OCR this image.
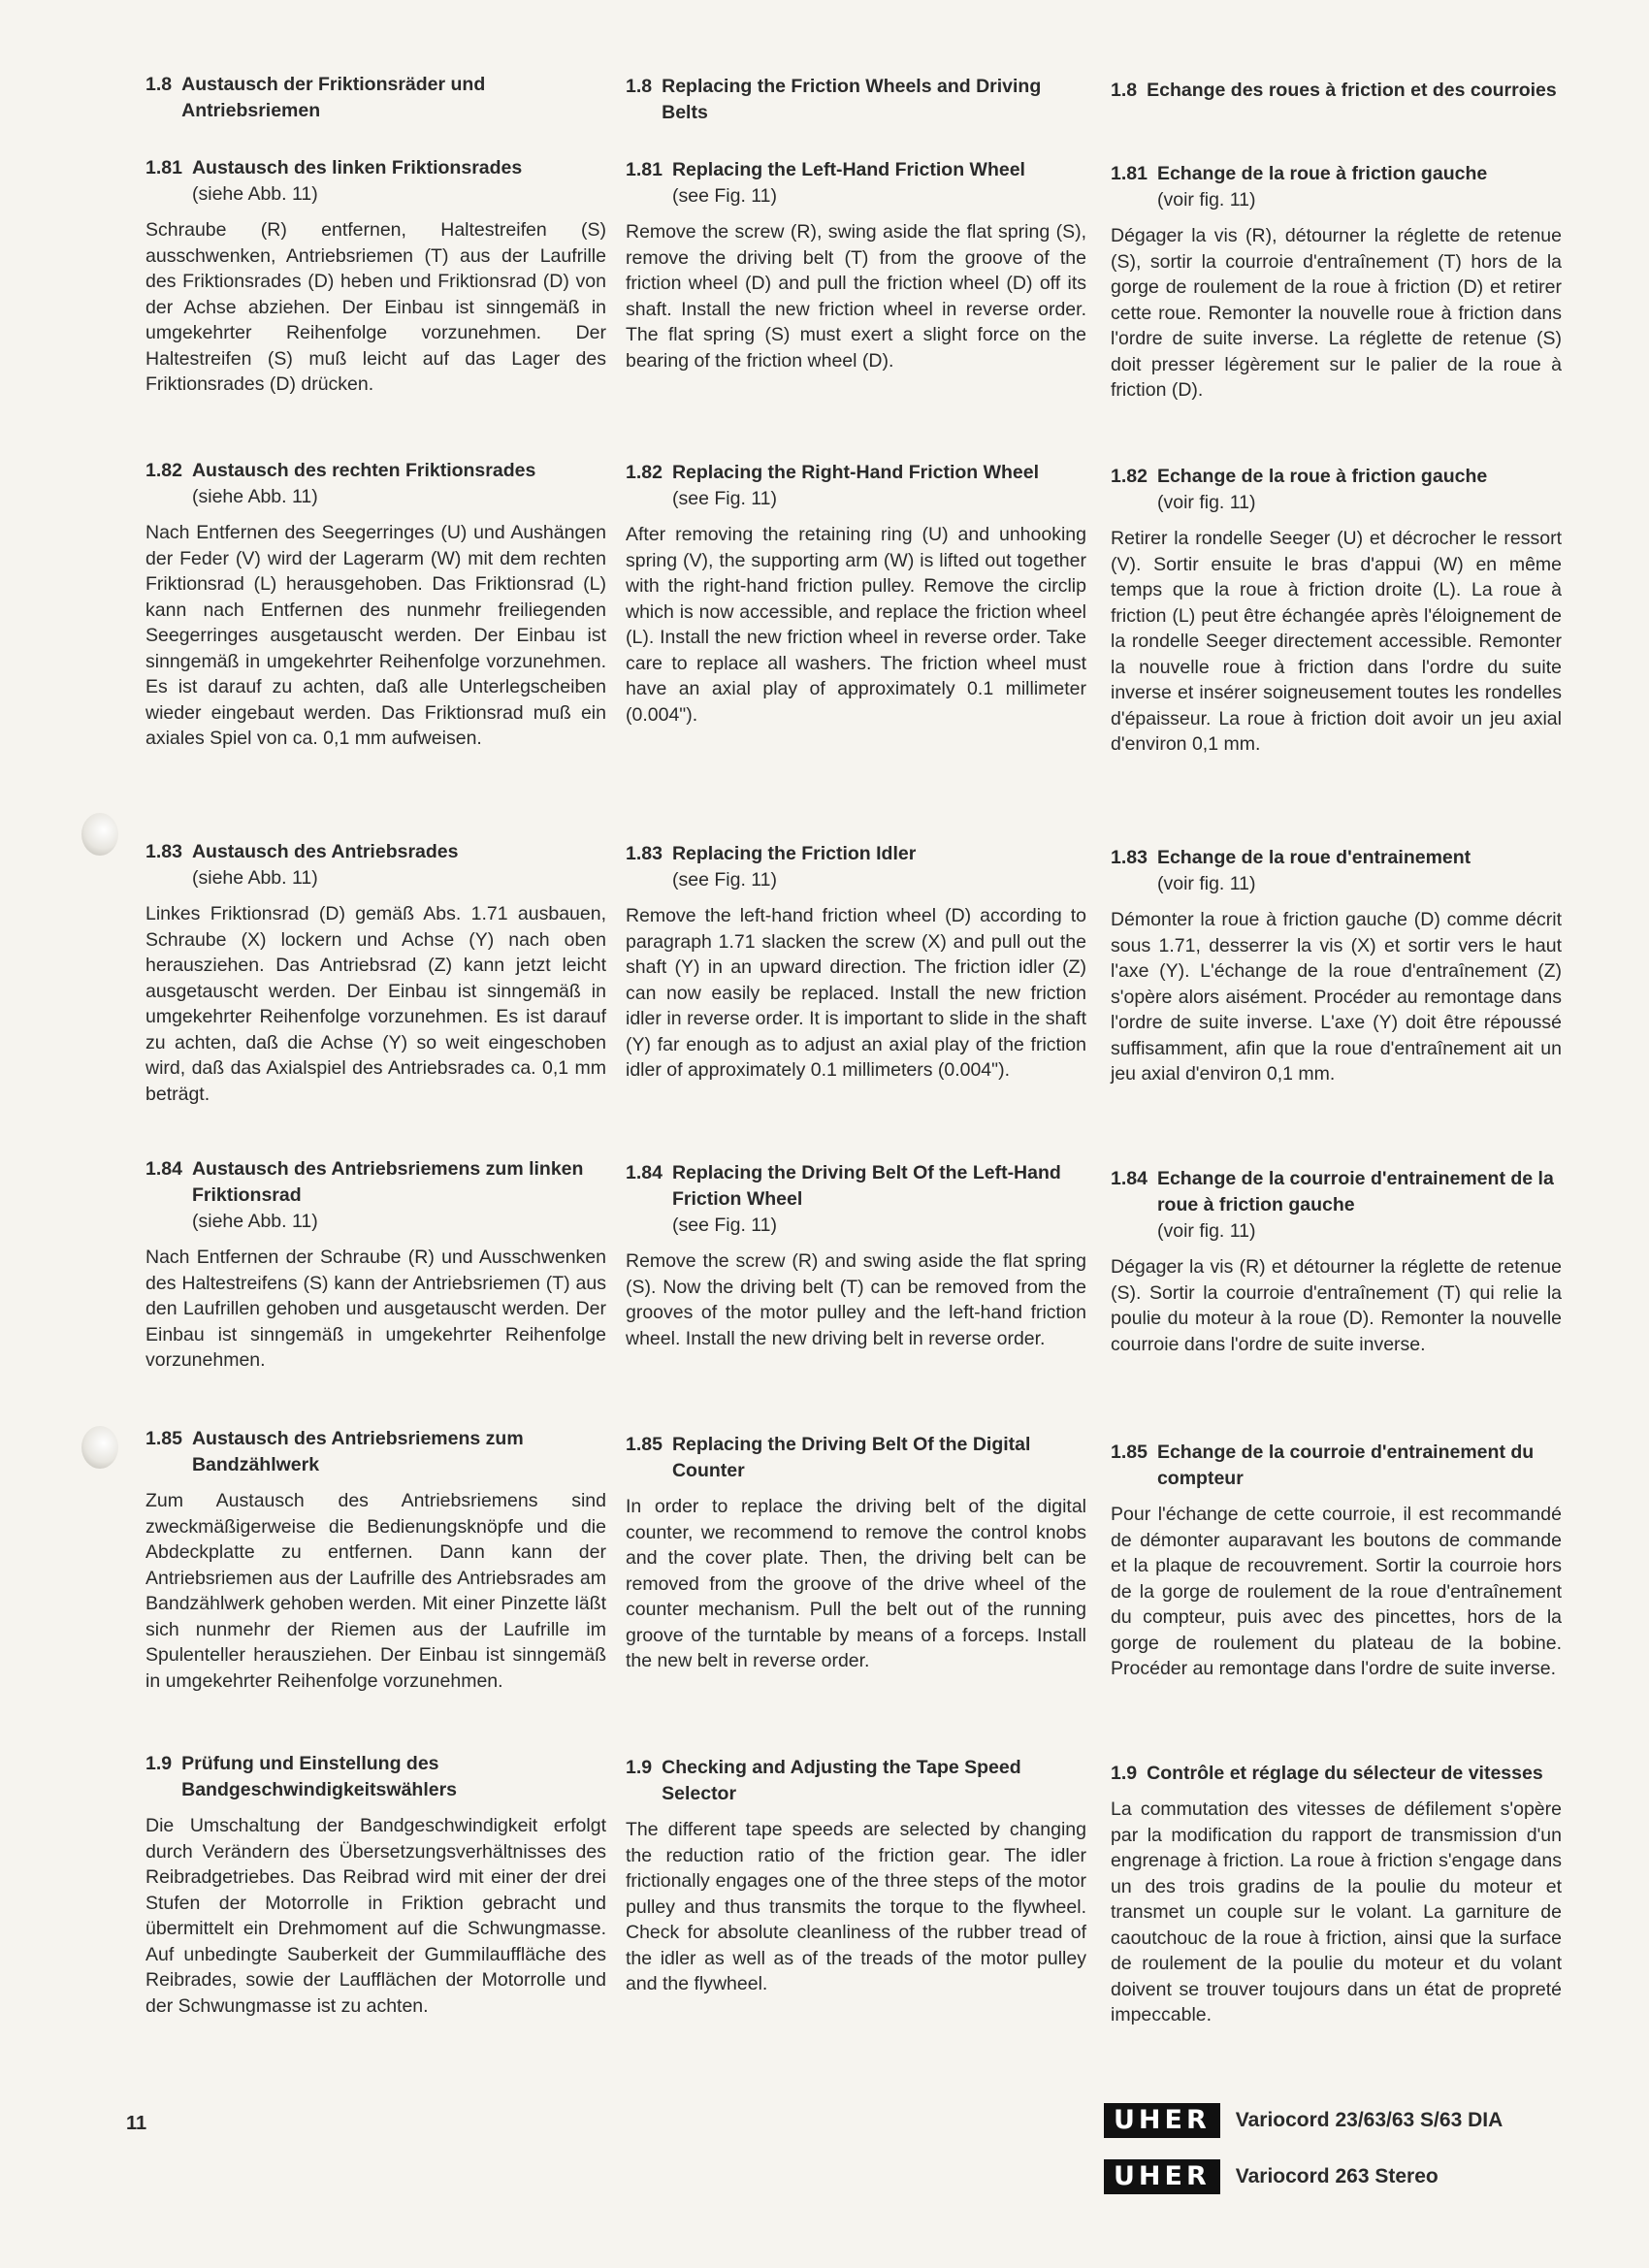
1.8 Austausch der Friktionsräder und Antriebsriemen
1.81 Austausch des linken Friktionsrades

(siehe Abb. 11)

Schraube (R) entfernen, Haltestreifen (S) ausschwenken, Antriebsriemen (T) aus der Laufrille des Friktionsrades (D) heben und Friktionsrad (D) von der Achse abziehen. Der Einbau ist sinngemäß in umgekehrter Reihenfolge vorzunehmen. Der Haltestreifen (S) muß leicht auf das Lager des Friktionsrades (D) drücken.

1.82 Austausch des rechten Friktionsrades

(siehe Abb. 11)

Nach Entfernen des Seegerringes (U) und Aushängen der Feder (V) wird der Lagerarm (W) mit dem rechten Friktionsrad (L) herausgehoben. Das Friktionsrad (L) kann nach Entfernen des nunmehr freiliegenden Seegerringes ausgetauscht werden. Der Einbau ist sinngemäß in umgekehrter Reihenfolge vorzunehmen. Es ist darauf zu achten, daß alle Unterlegscheiben wieder eingebaut werden. Das Friktionsrad muß ein axiales Spiel von ca. 0,1 mm aufweisen.

1.83 Austausch des Antriebsrades

(siehe Abb. 11)

Linkes Friktionsrad (D) gemäß Abs. 1.71 ausbauen, Schraube (X) lockern und Achse (Y) nach oben herausziehen. Das Antriebsrad (Z) kann jetzt leicht ausgetauscht werden. Der Einbau ist sinngemäß in umgekehrter Reihenfolge vorzunehmen. Es ist darauf zu achten, daß die Achse (Y) so weit eingeschoben wird, daß das Axialspiel des Antriebsrades ca. 0,1 mm beträgt.

1.84 Austausch des Antriebsriemens zum linken Friktionsrad

(siehe Abb. 11)

Nach Entfernen der Schraube (R) und Ausschwenken des Haltestreifens (S) kann der Antriebsriemen (T) aus den Laufrillen gehoben und ausgetauscht werden. Der Einbau ist sinngemäß in umgekehrter Reihenfolge vorzunehmen.

1.85 Austausch des Antriebsriemens zum Bandzählwerk

Zum Austausch des Antriebsriemens sind zweckmäßigerweise die Bedienungsknöpfe und die Abdeckplatte zu entfernen. Dann kann der Antriebsriemen aus der Laufrille des Antriebsrades am Bandzählwerk gehoben werden. Mit einer Pinzette läßt sich nunmehr der Riemen aus der Laufrille im Spulenteller herausziehen. Der Einbau ist sinngemäß in umgekehrter Reihenfolge vorzunehmen.

1.9 Prüfung und Einstellung des Bandgeschwindigkeitswählers

Die Umschaltung der Bandgeschwindigkeit erfolgt durch Verändern des Übersetzungsverhältnisses des Reibradgetriebes. Das Reibrad wird mit einer der drei Stufen der Motorrolle in Friktion gebracht und übermittelt ein Drehmoment auf die Schwungmasse. Auf unbedingte Sauberkeit der Gummilauffläche des Reibrades, sowie der Laufflächen der Motorrolle und der Schwungmasse ist zu achten.

1.8 Replacing the Friction Wheels and Driving Belts
1.81 Replacing the Left-Hand Friction Wheel

(see Fig. 11)

Remove the screw (R), swing aside the flat spring (S), remove the driving belt (T) from the groove of the friction wheel (D) and pull the friction wheel (D) off its shaft. Install the new friction wheel in reverse order. The flat spring (S) must exert a slight force on the bearing of the friction wheel (D).

1.82 Replacing the Right-Hand Friction Wheel

(see Fig. 11)

After removing the retaining ring (U) and unhooking spring (V), the supporting arm (W) is lifted out together with the right-hand friction pulley. Remove the circlip which is now accessible, and replace the friction wheel (L). Install the new friction wheel in reverse order. Take care to replace all washers. The friction wheel must have an axial play of approximately 0.1 millimeter (0.004").

1.83 Replacing the Friction Idler

(see Fig. 11)

Remove the left-hand friction wheel (D) according to paragraph 1.71 slacken the screw (X) and pull out the shaft (Y) in an upward direction. The friction idler (Z) can now easily be replaced. Install the new friction idler in reverse order. It is important to slide in the shaft (Y) far enough as to adjust an axial play of the friction idler of approximately 0.1 millimeters (0.004").

1.84 Replacing the Driving Belt Of the Left-Hand Friction Wheel

(see Fig. 11)

Remove the screw (R) and swing aside the flat spring (S). Now the driving belt (T) can be removed from the grooves of the motor pulley and the left-hand friction wheel. Install the new driving belt in reverse order.

1.85 Replacing the Driving Belt Of the Digital Counter

In order to replace the driving belt of the digital counter, we recommend to remove the control knobs and the cover plate. Then, the driving belt can be removed from the groove of the drive wheel of the counter mechanism. Pull the belt out of the running groove of the turntable by means of a forceps. Install the new belt in reverse order.

1.9 Checking and Adjusting the Tape Speed Selector

The different tape speeds are selected by changing the reduction ratio of the friction gear. The idler frictionally engages one of the three steps of the motor pulley and thus transmits the torque to the flywheel. Check for absolute cleanliness of the rubber tread of the idler as well as of the treads of the motor pulley and the flywheel.

1.8 Echange des roues à friction et des courroies
1.81 Echange de la roue à friction gauche

(voir fig. 11)

Dégager la vis (R), détourner la réglette de retenue (S), sortir la courroie d'entraînement (T) hors de la gorge de roulement de la roue à friction (D) et retirer cette roue. Remonter la nouvelle roue à friction dans l'ordre de suite inverse. La réglette de retenue (S) doit presser légèrement sur le palier de la roue à friction (D).

1.82 Echange de la roue à friction gauche

(voir fig. 11)

Retirer la rondelle Seeger (U) et décrocher le ressort (V). Sortir ensuite le bras d'appui (W) en même temps que la roue à friction droite (L). La roue à friction (L) peut être échangée après l'éloignement de la rondelle Seeger directement accessible. Remonter la nouvelle roue à friction dans l'ordre du suite inverse et insérer soigneusement toutes les rondelles d'épaisseur. La roue à friction doit avoir un jeu axial d'environ 0,1 mm.

1.83 Echange de la roue d'entrainement

(voir fig. 11)

Démonter la roue à friction gauche (D) comme décrit sous 1.71, desserrer la vis (X) et sortir vers le haut l'axe (Y). L'échange de la roue d'entraînement (Z) s'opère alors aisément. Procéder au remontage dans l'ordre de suite inverse. L'axe (Y) doit être répoussé suffisamment, afin que la roue d'entraînement ait un jeu axial d'environ 0,1 mm.

1.84 Echange de la courroie d'entrainement de la roue à friction gauche

(voir fig. 11)

Dégager la vis (R) et détourner la réglette de retenue (S). Sortir la courroie d'entraînement (T) qui relie la poulie du moteur à la roue (D). Remonter la nouvelle courroie dans l'ordre de suite inverse.

1.85 Echange de la courroie d'entrainement du compteur

Pour l'échange de cette courroie, il est recommandé de démonter auparavant les boutons de commande et la plaque de recouvrement. Sortir la courroie hors de la gorge de roulement de la roue d'entraînement du compteur, puis avec des pincettes, hors de la gorge de roulement du plateau de la bobine. Procéder au remontage dans l'ordre de suite inverse.

1.9 Contrôle et réglage du sélecteur de vitesses

La commutation des vitesses de défilement s'opère par la modification du rapport de transmission d'un engrenage à friction. La roue à friction s'engage dans un des trois gradins de la poulie du moteur et transmet un couple sur le volant. La garniture de caoutchouc de la roue à friction, ainsi que la surface de roulement de la poulie du moteur et du volant doivent se trouver toujours dans un état de propreté impeccable.

11	UHER	Variocord 23/63/63 S/63 DIA
UHER	Variocord 263 Stereo
